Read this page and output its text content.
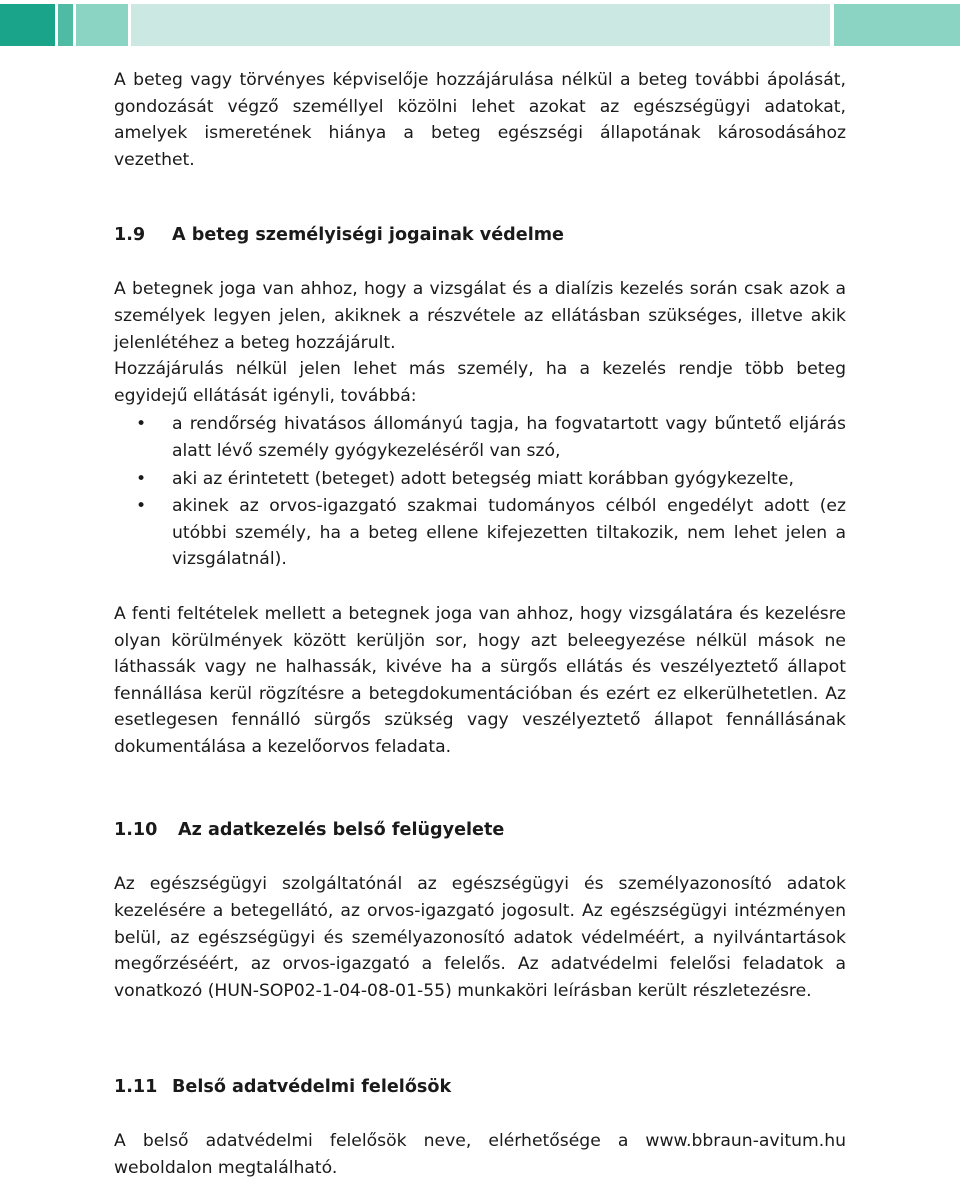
A beteg vagy törvényes képviselője hozzájárulása nélkül a beteg további ápolását, gondozását végző személlyel közölni lehet azokat az egészségügyi adatokat, amelyek ismeretének hiánya a beteg egészségi állapotának károsodásához vezethet.

1.9 A beteg személyiségi jogainak védelme

A betegnek joga van ahhoz, hogy a vizsgálat és a dialízis kezelés során csak azok a személyek legyen jelen, akiknek a részvétele az ellátásban szükséges, illetve akik jelenlétéhez a beteg hozzájárult.

Hozzájárulás nélkül jelen lehet más személy, ha a kezelés rendje több beteg egyidejű ellátását igényli, továbbá:

• a rendőrség hivatásos állományú tagja, ha fogvatartott vagy bűntető eljárás alatt lévő személy gyógykezeléséről van szó,
• aki az érintetett (beteget) adott betegség miatt korábban gyógykezelte,
• akinek az orvos-igazgató szakmai tudományos célból engedélyt adott (ez utóbbi személy, ha a beteg ellene kifejezetten tiltakozik, nem lehet jelen a vizsgálatnál).

A fenti feltételek mellett a betegnek joga van ahhoz, hogy vizsgálatára és kezelésre olyan körülmények között kerüljön sor, hogy azt beleegyezése nélkül mások ne láthassák vagy ne halhassák, kivéve ha a sürgős ellátás és veszélyeztető állapot fennállása kerül rögzítésre a betegdokumentációban és ezért ez elkerülhetetlen. Az esetlegesen fennálló sürgős szükség vagy veszélyeztető állapot fennállásának dokumentálása a kezelőorvos feladata.

1.10 Az adatkezelés belső felügyelete

Az egészségügyi szolgáltatónál az egészségügyi és személyazonosító adatok kezelésére a betegellátó, az orvos-igazgató jogosult. Az egészségügyi intézményen belül, az egészségügyi és személyazonosító adatok védelméért, a nyilvántartások megőrzéséért, az orvos-igazgató a felelős. Az adatvédelmi felelősi feladatok a vonatkozó (HUN-SOP02-1-04-08-01-55) munkaköri leírásban került részletezésre.

1.11 Belső adatvédelmi felelősök

A belső adatvédelmi felelősök neve, elérhetősége a www.bbraun-avitum.hu weboldalon megtalálható.
